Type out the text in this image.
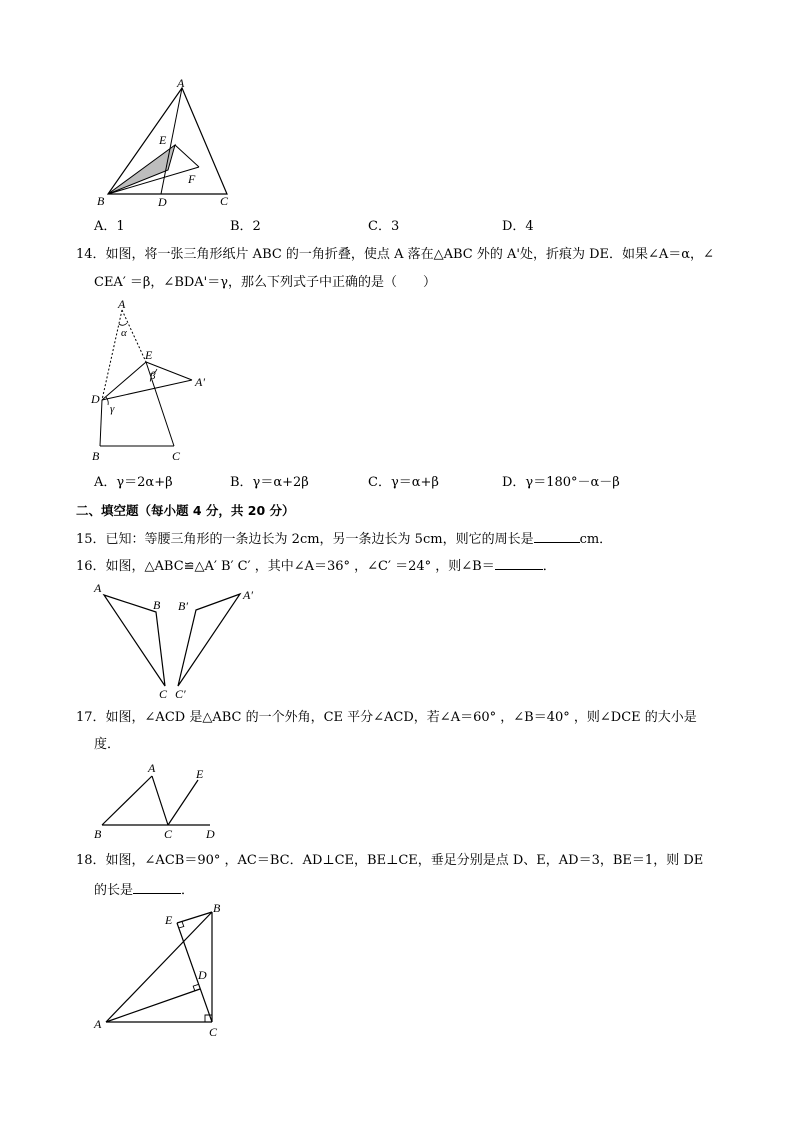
A
E
F
B	D	C
A．1	B．2	C．3	D．4
14．如图，将一张三角形纸片 ABC 的一角折叠，使点 A 落在△ABC 外的 A'处，折痕为 DE．如果∠A＝α，∠
CEA′ ＝β，∠BDA'＝γ，那么下列式子中正确的是（　　）
A
α
E
β	A'
D
γ
B	C
A．γ＝2α+β	B．γ＝α+2β	C．γ＝α+β	D．γ＝180°－α－β
二、填空题（每小题 4 分，共 20 分）
15．已知：等腰三角形的一条边长为 2cm，另一条边长为 5cm，则它的周长是	cm．
16．如图，△ABC≌△A′ B′ C′ ，其中∠A＝36° ，∠C′ ＝24° ，则∠B＝	．
A
B
C
B′
A′
C′
17．如图，∠ACD 是△ABC 的一个外角，CE 平分∠ACD，若∠A＝60° ，∠B＝40° ，则∠DCE 的大小是
度．
A	E
B	C	D
18．如图，∠ACB＝90° ，AC＝BC．AD⊥CE，BE⊥CE，垂足分别是点 D、E，AD＝3，BE＝1，则 DE
的长是	．
E
B
D
A
C
